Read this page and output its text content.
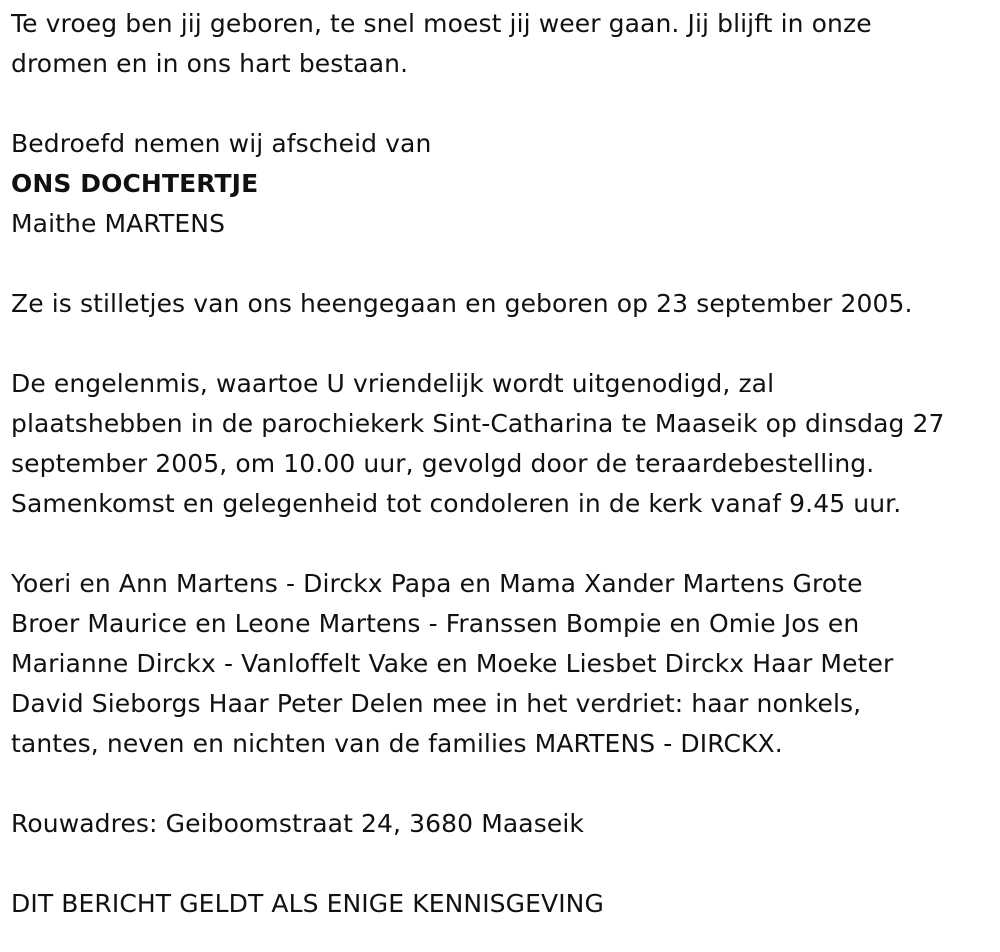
Te vroeg ben jij geboren, te snel moest jij weer gaan. Jij blijft in onze
dromen en in ons hart bestaan.

Bedroefd nemen wij afscheid van

ONS DOCHTERTJE

Maithe MARTENS

Ze is stilletjes van ons heengegaan en geboren op 23 september 2005.

De engelenmis, waartoe U vriendelijk wordt uitgenodigd, zal
plaatshebben in de parochiekerk Sint-Catharina te Maaseik op dinsdag 27
september 2005, om 10.00 uur, gevolgd door de teraardebestelling.
Samenkomst en gelegenheid tot condoleren in de kerk vanaf 9.45 uur.

Yoeri en Ann Martens - Dirckx Papa en Mama Xander Martens Grote
Broer Maurice en Leone Martens - Franssen Bompie en Omie Jos en
Marianne Dirckx - Vanloffelt Vake en Moeke Liesbet Dirckx Haar Meter
David Sieborgs Haar Peter Delen mee in het verdriet: haar nonkels,
tantes, neven en nichten van de families MARTENS - DIRCKX.

Rouwadres: Geiboomstraat 24, 3680 Maaseik

DIT BERICHT GELDT ALS ENIGE KENNISGEVING
